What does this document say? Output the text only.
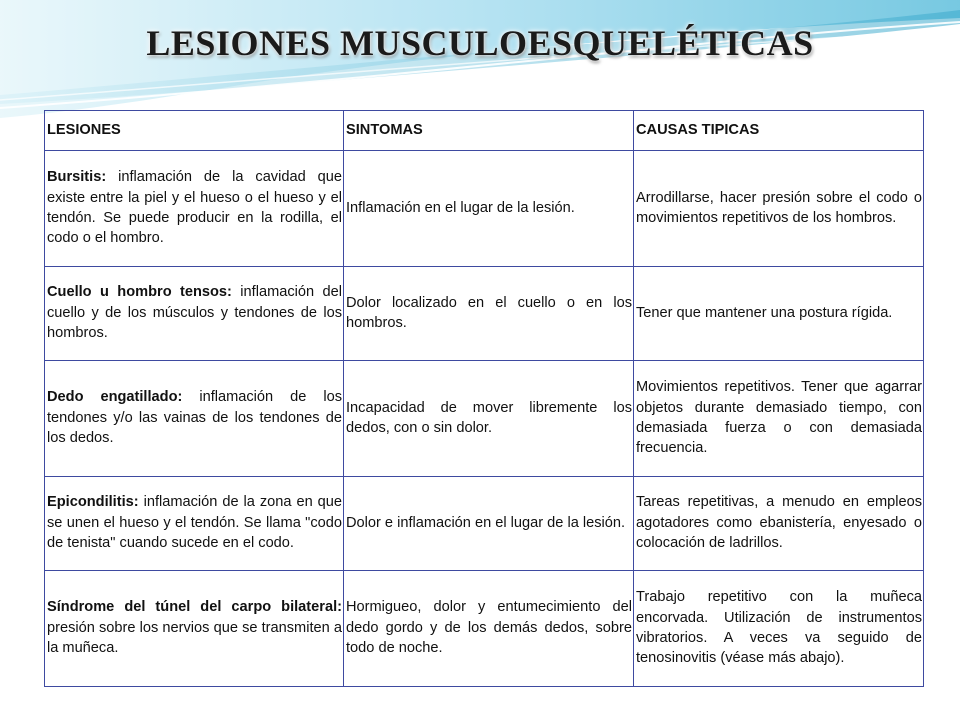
LESIONES MUSCULOESQUELÉTICAS
LESIONES	SINTOMAS	CAUSAS TIPICAS
Bursitis: inflamación de la cavidad que existe entre la piel y el hueso o el hueso y el tendón. Se puede producir en la rodilla, el codo o el hombro.	Inflamación en el lugar de la lesión.	Arrodillarse, hacer presión sobre el codo o movimientos repetitivos de los hombros.
Cuello u hombro tensos: inflamación del cuello y de los músculos y tendones de los hombros.	Dolor localizado en el cuello o en los hombros.	Tener que mantener una postura rígida.
Dedo engatillado: inflamación de los tendones y/o las vainas de los tendones de los dedos.	Incapacidad de mover libremente los dedos, con o sin dolor.	Movimientos repetitivos. Tener que agarrar objetos durante demasiado tiempo, con demasiada fuerza o con demasiada frecuencia.
Epicondilitis: inflamación de la zona en que se unen el hueso y el tendón. Se llama "codo de tenista" cuando sucede en el codo.	Dolor e inflamación en el lugar de la lesión.	Tareas repetitivas, a menudo en empleos agotadores como ebanistería, enyesado o colocación de ladrillos.
Síndrome del túnel del carpo bilateral: presión sobre los nervios que se transmiten a la muñeca.	Hormigueo, dolor y entumecimiento del dedo gordo y de los demás dedos, sobre todo de noche.	Trabajo repetitivo con la muñeca encorvada. Utilización de instrumentos vibratorios. A veces va seguido de tenosinovitis (véase más abajo).
